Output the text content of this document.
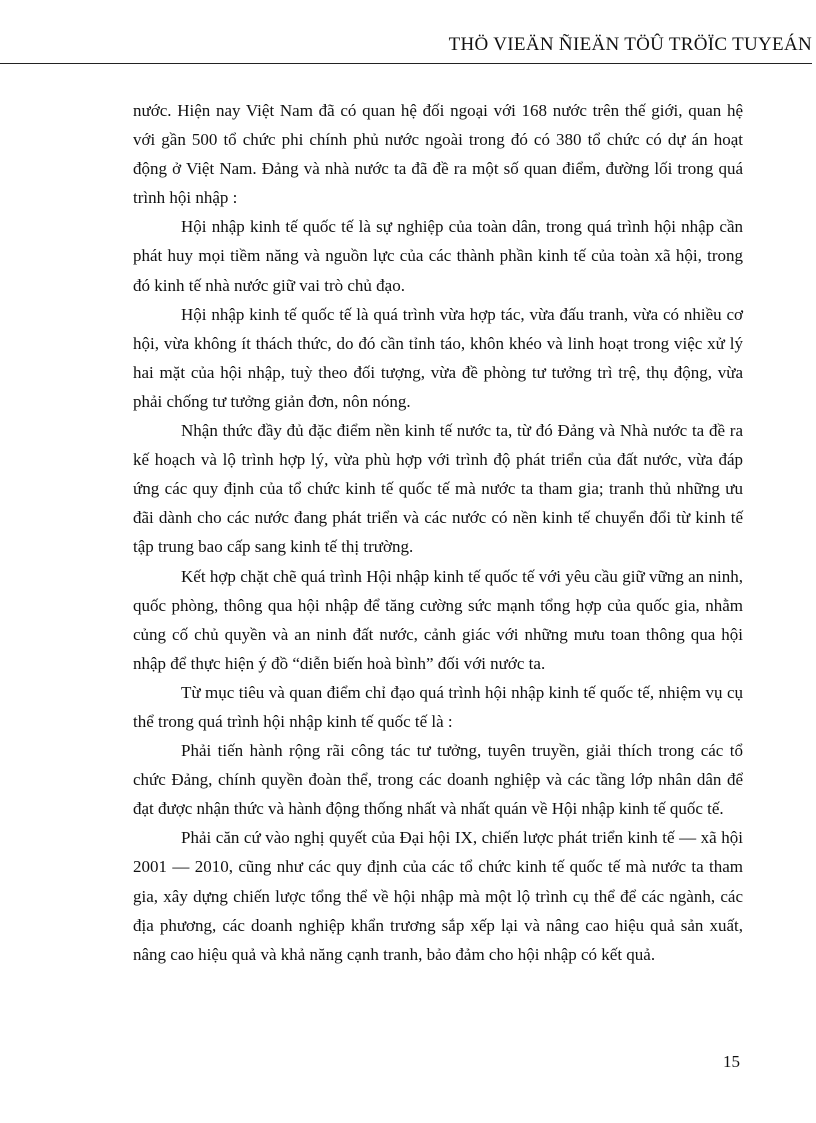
THÖ VIEÄN ÑIEÄN TÖÛ TRÖÏC TUYEÁN

nước. Hiện nay Việt Nam đã có quan hệ đối ngoại với 168 nước trên thế giới, quan hệ với gần 500 tổ chức phi chính phủ nước ngoài trong đó có 380 tổ chức có dự án hoạt động ở Việt Nam. Đảng và nhà nước ta đã đề ra một số quan điểm, đường lối trong quá trình hội nhập :

Hội nhập kinh tế quốc tế là sự nghiệp của toàn dân, trong quá trình hội nhập cần phát huy mọi tiềm năng và nguồn lực của các thành phần kinh tế của toàn xã hội, trong đó kinh tế nhà nước giữ vai trò chủ đạo.

Hội nhập kinh tế quốc tế là quá trình vừa hợp tác, vừa đấu tranh, vừa có nhiều cơ hội, vừa không ít thách thức, do đó cần tỉnh táo, khôn khéo và linh hoạt trong việc xử lý hai mặt của hội nhập, tuỳ theo đối tượng, vừa đề phòng tư tưởng trì trệ, thụ động, vừa phải chống tư tưởng giản đơn, nôn nóng.

Nhận thức đầy đủ đặc điểm nền kinh tế nước ta, từ đó Đảng và Nhà nước ta đề ra kế hoạch và lộ trình hợp lý, vừa phù hợp với trình độ phát triển của đất nước, vừa đáp ứng các quy định của tổ chức kinh tế quốc tế mà nước ta tham gia; tranh thủ những ưu đãi dành cho các nước đang phát triển và các nước có nền kinh tế chuyển đổi từ kinh tế tập trung bao cấp sang kinh tế thị trường.

Kết hợp chặt chẽ quá trình Hội nhập kinh tế quốc tế với yêu cầu giữ vững an ninh, quốc phòng, thông qua hội nhập để tăng cường sức mạnh tổng hợp của quốc gia, nhằm củng cố chủ quyền và an ninh đất nước, cảnh giác với những mưu toan thông qua hội nhập để thực hiện ý đồ “diễn biến hoà bình” đối với nước ta.

Từ mục tiêu và quan điểm chỉ đạo quá trình hội nhập kinh tế quốc tế, nhiệm vụ cụ thể trong quá trình hội nhập kinh tế quốc tế là :

Phải tiến hành rộng rãi công tác tư tưởng, tuyên truyền, giải thích trong các tổ chức Đảng, chính quyền đoàn thể, trong các doanh nghiệp và các tầng lớp nhân dân để đạt được nhận thức và hành động thống nhất và nhất quán về Hội nhập kinh tế quốc tế.

Phải căn cứ vào nghị quyết của Đại hội IX, chiến lược phát triển kinh tế — xã hội 2001 — 2010, cũng như các quy định của các tổ chức kinh tế quốc tế mà nước ta tham gia, xây dựng chiến lược tổng thể về hội nhập mà một lộ trình cụ thể để các ngành, các địa phương, các doanh nghiệp khẩn trương sắp xếp lại và nâng cao hiệu quả sản xuất, nâng cao hiệu quả và khả năng cạnh tranh, bảo đảm cho hội nhập có kết quả.

15
